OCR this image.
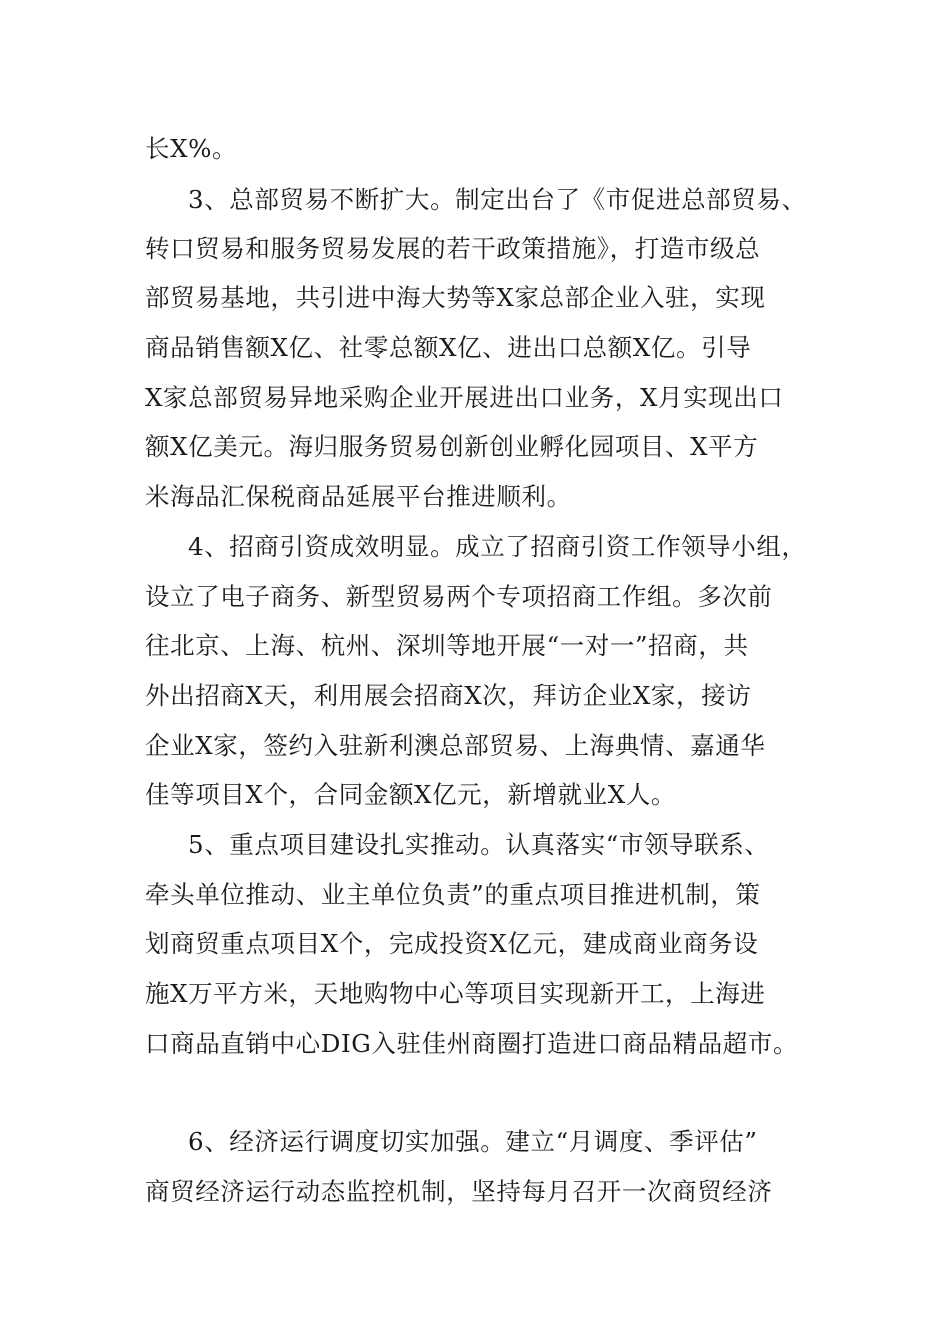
长X%。
3、总部贸易不断扩大。制定出台了《市促进总部贸易、
转口贸易和服务贸易发展的若干政策措施》，打造市级总
部贸易基地，共引进中海大势等X家总部企业入驻，实现
商品销售额X亿、社零总额X亿、进出口总额X亿。引导
X家总部贸易异地采购企业开展进出口业务，X月实现出口
额X亿美元。海归服务贸易创新创业孵化园项目、X平方
米海品汇保税商品延展平台推进顺利。
4、招商引资成效明显。成立了招商引资工作领导小组，
设立了电子商务、新型贸易两个专项招商工作组。多次前
往北京、上海、杭州、深圳等地开展“一对一”招商，共
外出招商X天，利用展会招商X次，拜访企业X家，接访
企业X家，签约入驻新利澳总部贸易、上海典情、嘉通华
佳等项目X个，合同金额X亿元，新增就业X人。
5、重点项目建设扎实推动。认真落实“市领导联系、
牵头单位推动、业主单位负责”的重点项目推进机制，策
划商贸重点项目X个，完成投资X亿元，建成商业商务设
施X万平方米，天地购物中心等项目实现新开工，上海进
口商品直销中心DIG入驻佳州商圈打造进口商品精品超市。
6、经济运行调度切实加强。建立“月调度、季评估”
商贸经济运行动态监控机制，坚持每月召开一次商贸经济
